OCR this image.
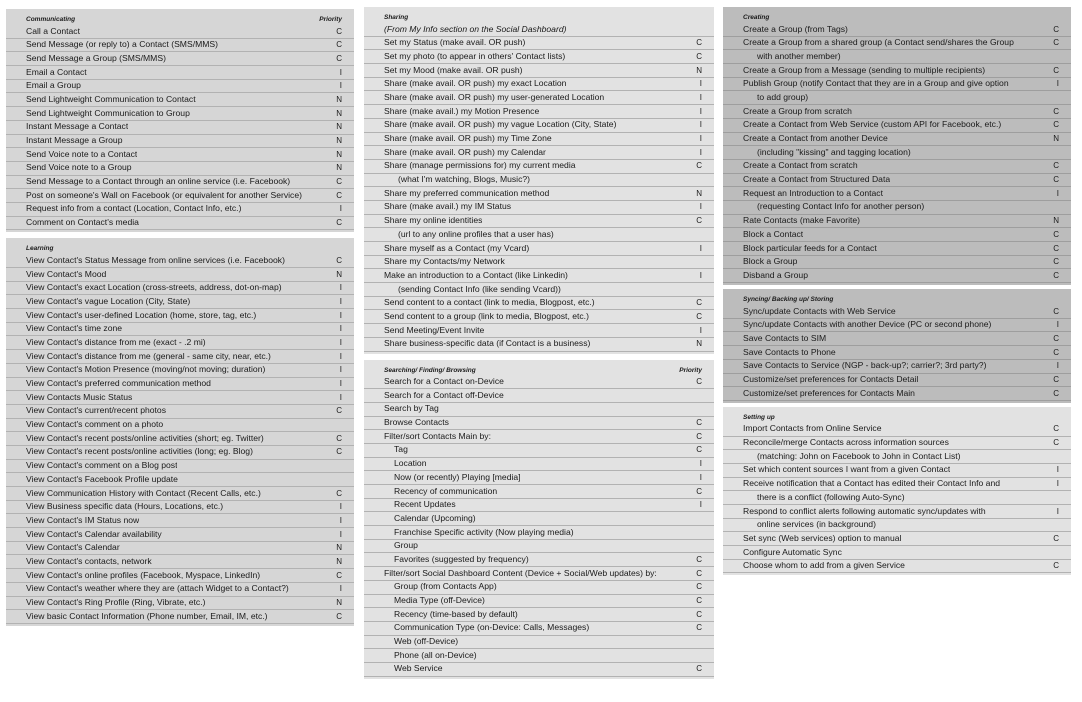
Communicating	Priority
Call a Contact	C
Send Message (or reply to) a Contact (SMS/MMS)	C
Send Message a Group (SMS/MMS)	C
Email a Contact	I
Email a Group	I
Send Lightweight Communication to Contact	N
Send Lightweight Communication to Group	N
Instant Message a Contact	N
Instant Message a Group	N
Send Voice note to a Contact	N
Send Voice note to a Group	N
Send Message to a Contact through an online service (i.e. Facebook)	C
Post on someone's Wall on Facebook (or equivalent for another Service)	C
Request info from a contact (Location, Contact Info, etc.)	I
Comment on Contact's media	C
Learning
View Contact's Status Message from online services (i.e. Facebook)	C
View Contact's Mood	N
View Contact's exact Location (cross-streets, address, dot-on-map)	I
View Contact's vague Location (City, State)	I
View Contact's user-defined Location (home, store, tag, etc.)	I
View Contact's time zone	I
View Contact's distance from me (exact - .2 mi)	I
View Contact's distance from me (general - same city, near, etc.)	I
View Contact's Motion Presence (moving/not moving; duration)	I
View Contact's preferred communication method	I
View Contacts Music Status	I
View Contact's current/recent photos	C
View Contact's comment on a photo
View Contact's recent posts/online activities (short; eg. Twitter)	C
View Contact's recent posts/online activities (long; eg. Blog)	C
View Contact's comment on a Blog post
View Contact's Facebook Profile update
View Communication History with Contact (Recent Calls, etc.)	C
View Business specific data (Hours, Locations, etc.)	I
View Contact's IM Status now	I
View Contact's Calendar availability	I
View Contact's Calendar	N
View Contact's contacts, network	N
View Contact's online profiles (Facebook, Myspace, LinkedIn)	C
View Contact's weather where they are (attach Widget to a Contact?)	I
View Contact's Ring Profile (Ring, Vibrate, etc.)	N
View basic Contact Information (Phone number, Email, IM, etc.)	C
Sharing
(From My Info section on the Social Dashboard)
Set my Status (make avail. OR push)	C
Set my photo (to appear in others' Contact lists)	C
Set my Mood (make avail. OR push)	N
Share (make avail. OR push) my exact Location	I
Share (make avail. OR push) my user-generated Location	I
Share (make avail.) my Motion Presence	I
Share (make avail. OR push) my vague Location (City, State)	I
Share (make avail. OR push) my Time Zone	I
Share (make avail. OR push) my Calendar	I
Share (manage permissions for) my current media	C
(what I'm watching, Blogs, Music?)
Share my preferred communication method	N
Share (make avail.) my IM Status	I
Share my online identities	C
(url to any online profiles that a user has)
Share myself as a Contact (my Vcard)	I
Share my Contacts/my Network
Make an introduction to a Contact (like Linkedin)	I
(sending Contact Info (like sending Vcard))
Send content to a contact (link to media, Blogpost, etc.)	C
Send content to a group (link to media, Blogpost, etc.)	C
Send Meeting/Event Invite	I
Share business-specific data (if Contact is a business)	N
Searching/ Finding/ Browsing	Priority
Search for a Contact on-Device	C
Search for a Contact off-Device
Search by Tag
Browse Contacts	C
Filter/sort Contacts Main by:	C
Tag	C
Location	I
Now (or recently) Playing [media]	I
Recency of communication	C
Recent Updates	I
Calendar (Upcoming)
Franchise Specific activity (Now playing media)
Group
Favorites (suggested by frequency)	C
Filter/sort Social Dashboard Content (Device + Social/Web updates) by:	C
Group (from Contacts App)	C
Media Type (off-Device)	C
Recency (time-based by default)	C
Communication Type (on-Device: Calls, Messages)	C
Web (off-Device)
Phone (all on-Device)
Web Service	C
Creating
Create a Group (from Tags)	C
Create a Group from a shared group (a Contact send/shares the Group	C
with another member)
Create a Group from a Message (sending to multiple recipients)	C
Publish Group (notify Contact that they are in a Group and give option	I
to add group)
Create a Group from scratch	C
Create a Contact from Web Service (custom API for Facebook, etc.)	C
Create a Contact from another Device	N
(including "kissing" and tagging location)
Create a Contact from scratch	C
Create a Contact from Structured Data	C
Request an Introduction to a Contact	I
(requesting Contact Info for another person)
Rate Contacts (make Favorite)	N
Block a Contact	C
Block particular feeds for a Contact	C
Block a Group	C
Disband a Group	C
Syncing/ Backing up/ Storing
Sync/update Contacts with Web Service	C
Sync/update Contacts with another Device (PC or second phone)	I
Save Contacts to SIM	C
Save Contacts to Phone	C
Save Contacts to Service (NGP - back-up?; carrier?; 3rd party?)	I
Customize/set preferences for Contacts Detail	C
Customize/set preferences for Contacts Main	C
Setting up
Import Contacts from Online Service	C
Reconcile/merge Contacts across information sources	C
(matching: John on Facebook to John in Contact List)
Set which content sources I want from a given Contact	I
Receive notification that a Contact has edited their Contact Info and	I
there is a conflict (following Auto-Sync)
Respond to conflict alerts following automatic sync/updates with	I
online services (in background)
Set sync (Web services) option to manual	C
Configure Automatic Sync
Choose whom to add from a given Service	C
